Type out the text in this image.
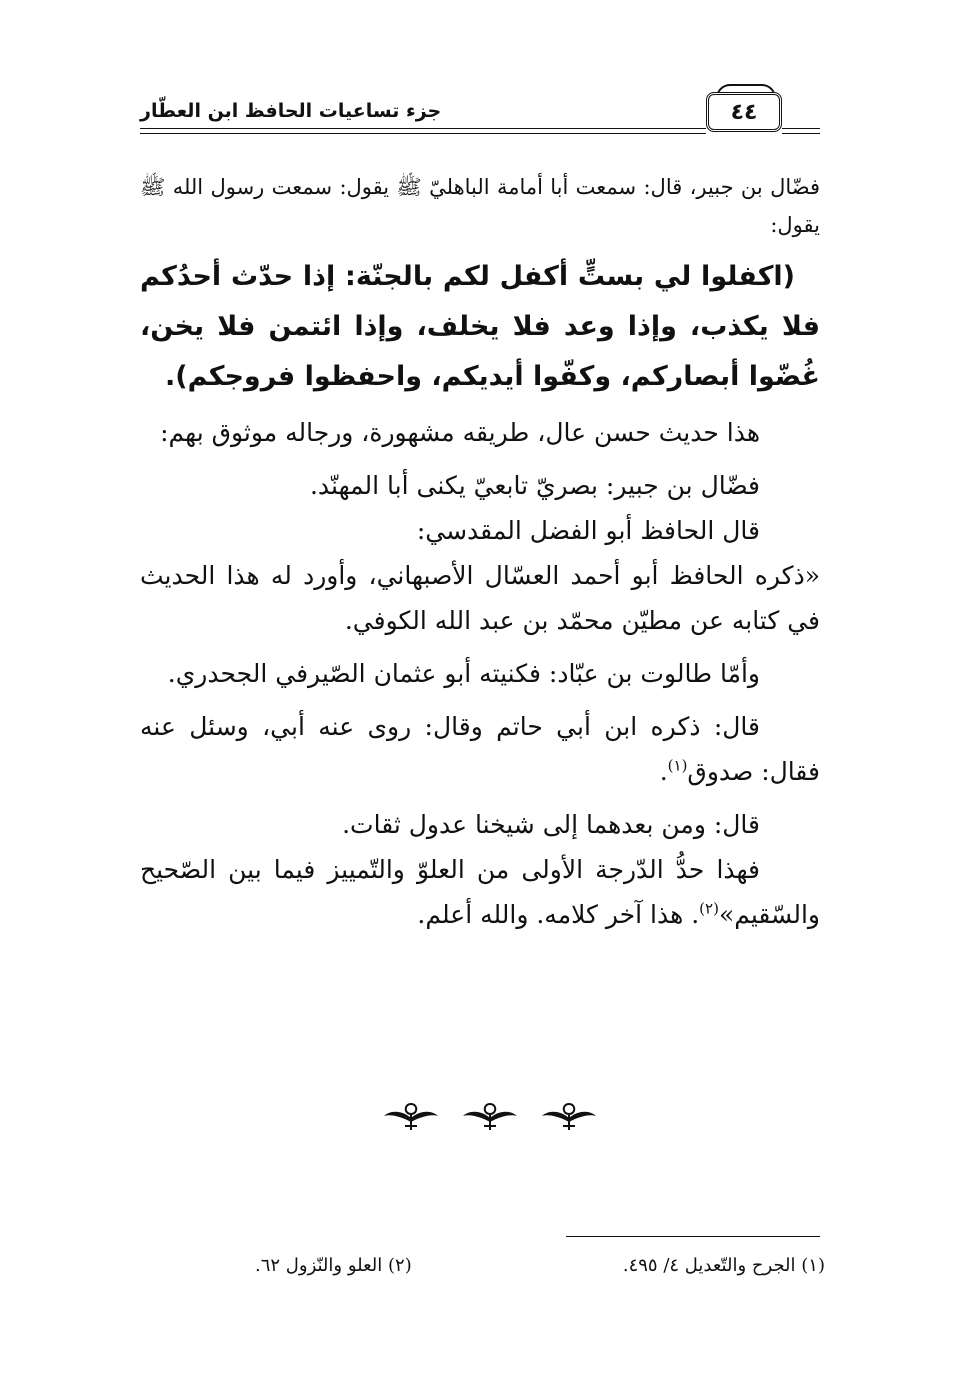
جزء تساعيات الحافظ ابن العطّار	٤٤

فضّال بن جبير، قال: سمعت أبا أمامة الباهليّ ﷺ يقول: سمعت رسول الله ﷺ يقول:

(اكفلوا لي بستٍّ أكفل لكم بالجنّة: إذا حدّث أحدُكم فلا يكذب، وإذا وعد فلا يخلف، وإذا ائتمن فلا يخن، غُضّوا أبصاركم، وكفّوا أيديكم، واحفظوا فروجكم).

هذا حديث حسن عال، طريقه مشهورة، ورجاله موثوق بهم:

فضّال بن جبير: بصريّ تابعيّ يكنى أبا المهنّد.

قال الحافظ أبو الفضل المقدسي:

«ذكره الحافظ أبو أحمد العسّال الأصبهاني، وأورد له هذا الحديث في كتابه عن مطيّن محمّد بن عبد الله الكوفي.

وأمّا طالوت بن عبّاد: فكنيته أبو عثمان الصّيرفي الجحدري.

قال: ذكره ابن أبي حاتم وقال: روى عنه أبي، وسئل عنه فقال: صدوق$^{(١)}$.

قال: ومن بعدهما إلى شيخنا عدول ثقات.

فهذا حدُّ الدّرجة الأولى من العلوّ والتّمييز فيما بين الصّحيح والسّقيم»$^{(٢)}$. هذا آخر كلامه. والله أعلم.

(١) الجرح والتّعديل ٤/ ٤٩٥.
(٢) العلو والنّزول ٦٢.
